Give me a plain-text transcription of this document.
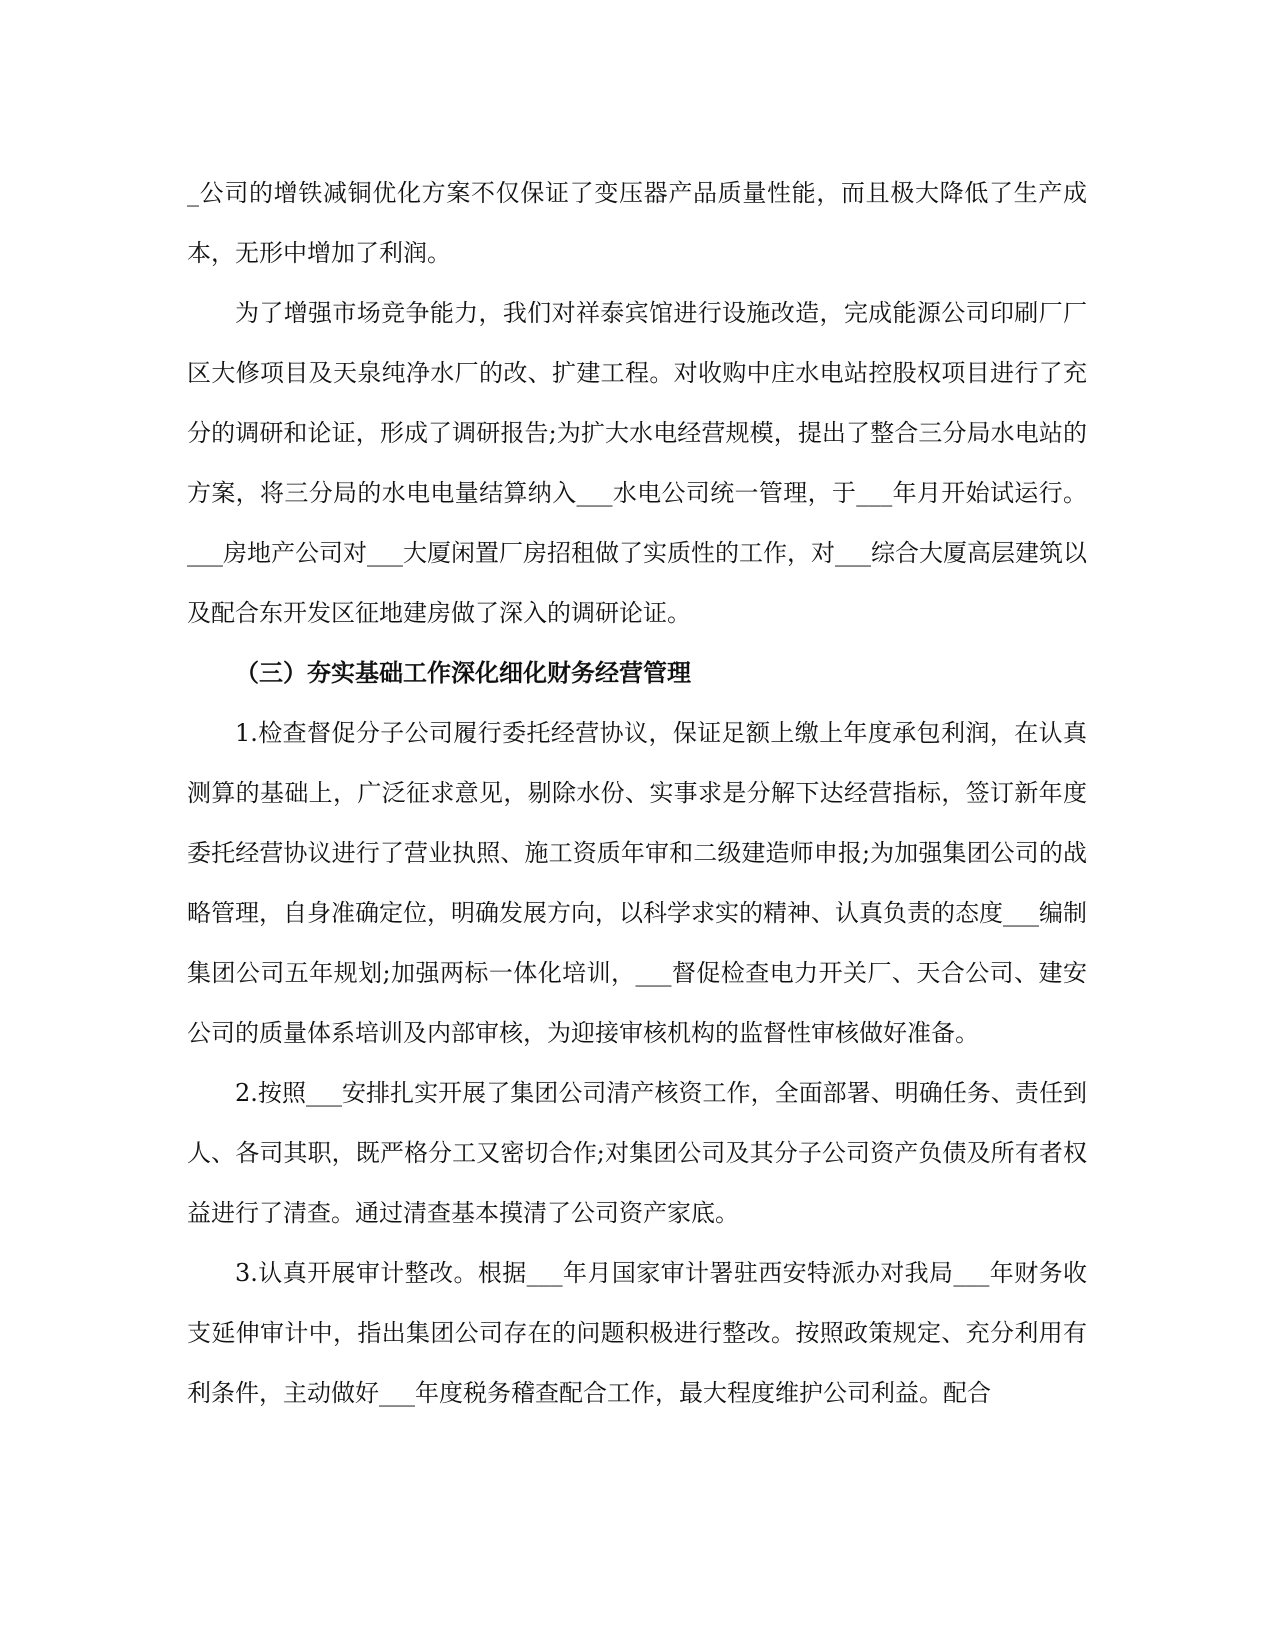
_公司的增铁减铜优化方案不仅保证了变压器产品质量性能，而且极大降低了生产成本，无形中增加了利润。

为了增强市场竞争能力，我们对祥泰宾馆进行设施改造，完成能源公司印刷厂厂区大修项目及天泉纯净水厂的改、扩建工程。对收购中庄水电站控股权项目进行了充分的调研和论证，形成了调研报告;为扩大水电经营规模，提出了整合三分局水电站的方案，将三分局的水电电量结算纳入___水电公司统一管理，于___年月开始试运行。___房地产公司对___大厦闲置厂房招租做了实质性的工作，对___综合大厦高层建筑以及配合东开发区征地建房做了深入的调研论证。

（三）夯实基础工作深化细化财务经营管理

1.检查督促分子公司履行委托经营协议，保证足额上缴上年度承包利润，在认真测算的基础上，广泛征求意见，剔除水份、实事求是分解下达经营指标，签订新年度委托经营协议进行了营业执照、施工资质年审和二级建造师申报;为加强集团公司的战略管理，自身准确定位，明确发展方向，以科学求实的精神、认真负责的态度___编制集团公司五年规划;加强两标一体化培训，___督促检查电力开关厂、天合公司、建安公司的质量体系培训及内部审核，为迎接审核机构的监督性审核做好准备。

2.按照___安排扎实开展了集团公司清产核资工作，全面部署、明确任务、责任到人、各司其职，既严格分工又密切合作;对集团公司及其分子公司资产负债及所有者权益进行了清查。通过清查基本摸清了公司资产家底。

3.认真开展审计整改。根据___年月国家审计署驻西安特派办对我局___年财务收支延伸审计中，指出集团公司存在的问题积极进行整改。按照政策规定、充分利用有利条件，主动做好___年度税务稽查配合工作，最大程度维护公司利益。配合
